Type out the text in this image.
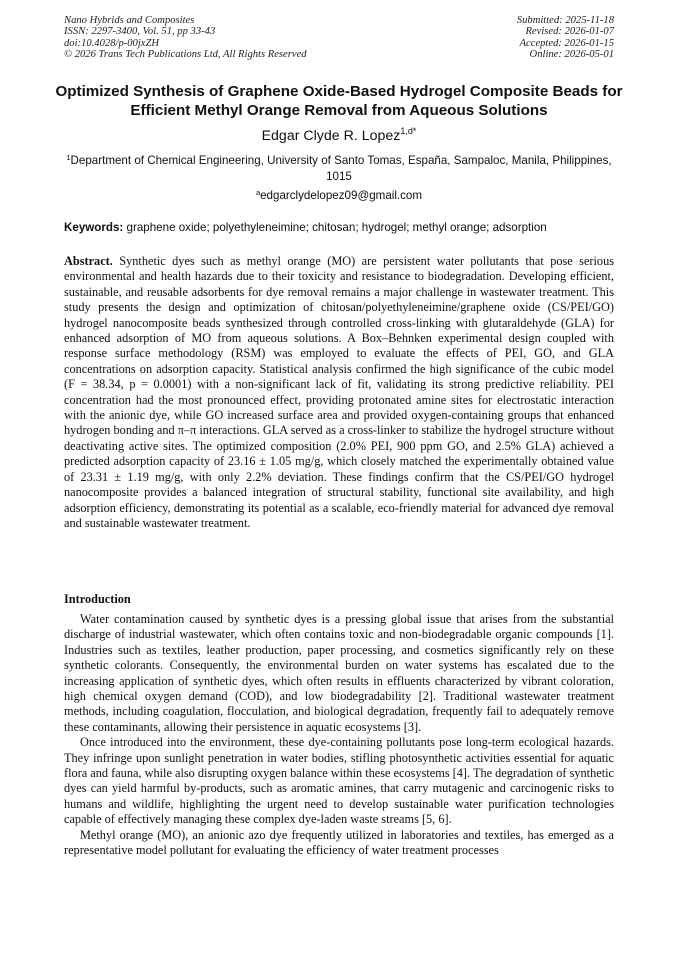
Nano Hybrids and Composites
ISSN: 2297-3400, Vol. 51, pp 33-43
doi:10.4028/p-00jxZH
© 2026 Trans Tech Publications Ltd, All Rights Reserved
Submitted: 2025-11-18
Revised: 2026-01-07
Accepted: 2026-01-15
Online: 2026-05-01
Optimized Synthesis of Graphene Oxide-Based Hydrogel Composite Beads for Efficient Methyl Orange Removal from Aqueous Solutions
Edgar Clyde R. Lopez$^{1,d*}$
$^1$Department of Chemical Engineering, University of Santo Tomas, España, Sampaloc, Manila, Philippines, 1015
$^a$edgarclydelopez09@gmail.com
Keywords: graphene oxide; polyethyleneimine; chitosan; hydrogel; methyl orange; adsorption
Abstract. Synthetic dyes such as methyl orange (MO) are persistent water pollutants that pose serious environmental and health hazards due to their toxicity and resistance to biodegradation. Developing efficient, sustainable, and reusable adsorbents for dye removal remains a major challenge in wastewater treatment. This study presents the design and optimization of chitosan/polyethyleneimine/graphene oxide (CS/PEI/GO) hydrogel nanocomposite beads synthesized through controlled cross-linking with glutaraldehyde (GLA) for enhanced adsorption of MO from aqueous solutions. A Box–Behnken experimental design coupled with response surface methodology (RSM) was employed to evaluate the effects of PEI, GO, and GLA concentrations on adsorption capacity. Statistical analysis confirmed the high significance of the cubic model (F = 38.34, p = 0.0001) with a non-significant lack of fit, validating its strong predictive reliability. PEI concentration had the most pronounced effect, providing protonated amine sites for electrostatic interaction with the anionic dye, while GO increased surface area and provided oxygen-containing groups that enhanced hydrogen bonding and π–π interactions. GLA served as a cross-linker to stabilize the hydrogel structure without deactivating active sites. The optimized composition (2.0% PEI, 900 ppm GO, and 2.5% GLA) achieved a predicted adsorption capacity of 23.16 ± 1.05 mg/g, which closely matched the experimentally obtained value of 23.31 ± 1.19 mg/g, with only 2.2% deviation. These findings confirm that the CS/PEI/GO hydrogel nanocomposite provides a balanced integration of structural stability, functional site availability, and high adsorption efficiency, demonstrating its potential as a scalable, eco-friendly material for advanced dye removal and sustainable wastewater treatment.
Introduction

Water contamination caused by synthetic dyes is a pressing global issue that arises from the substantial discharge of industrial wastewater, which often contains toxic and non-biodegradable organic compounds [1]. Industries such as textiles, leather production, paper processing, and cosmetics significantly rely on these synthetic colorants. Consequently, the environmental burden on water systems has escalated due to the increasing application of synthetic dyes, which often results in effluents characterized by vibrant coloration, high chemical oxygen demand (COD), and low biodegradability [2]. Traditional wastewater treatment methods, including coagulation, flocculation, and biological degradation, frequently fail to adequately remove these contaminants, allowing their persistence in aquatic ecosystems [3].

Once introduced into the environment, these dye-containing pollutants pose long-term ecological hazards. They infringe upon sunlight penetration in water bodies, stifling photosynthetic activities essential for aquatic flora and fauna, while also disrupting oxygen balance within these ecosystems [4]. The degradation of synthetic dyes can yield harmful by-products, such as aromatic amines, that carry mutagenic and carcinogenic risks to humans and wildlife, highlighting the urgent need to develop sustainable water purification technologies capable of effectively managing these complex dye-laden waste streams [5, 6].

Methyl orange (MO), an anionic azo dye frequently utilized in laboratories and textiles, has emerged as a representative model pollutant for evaluating the efficiency of water treatment processes
